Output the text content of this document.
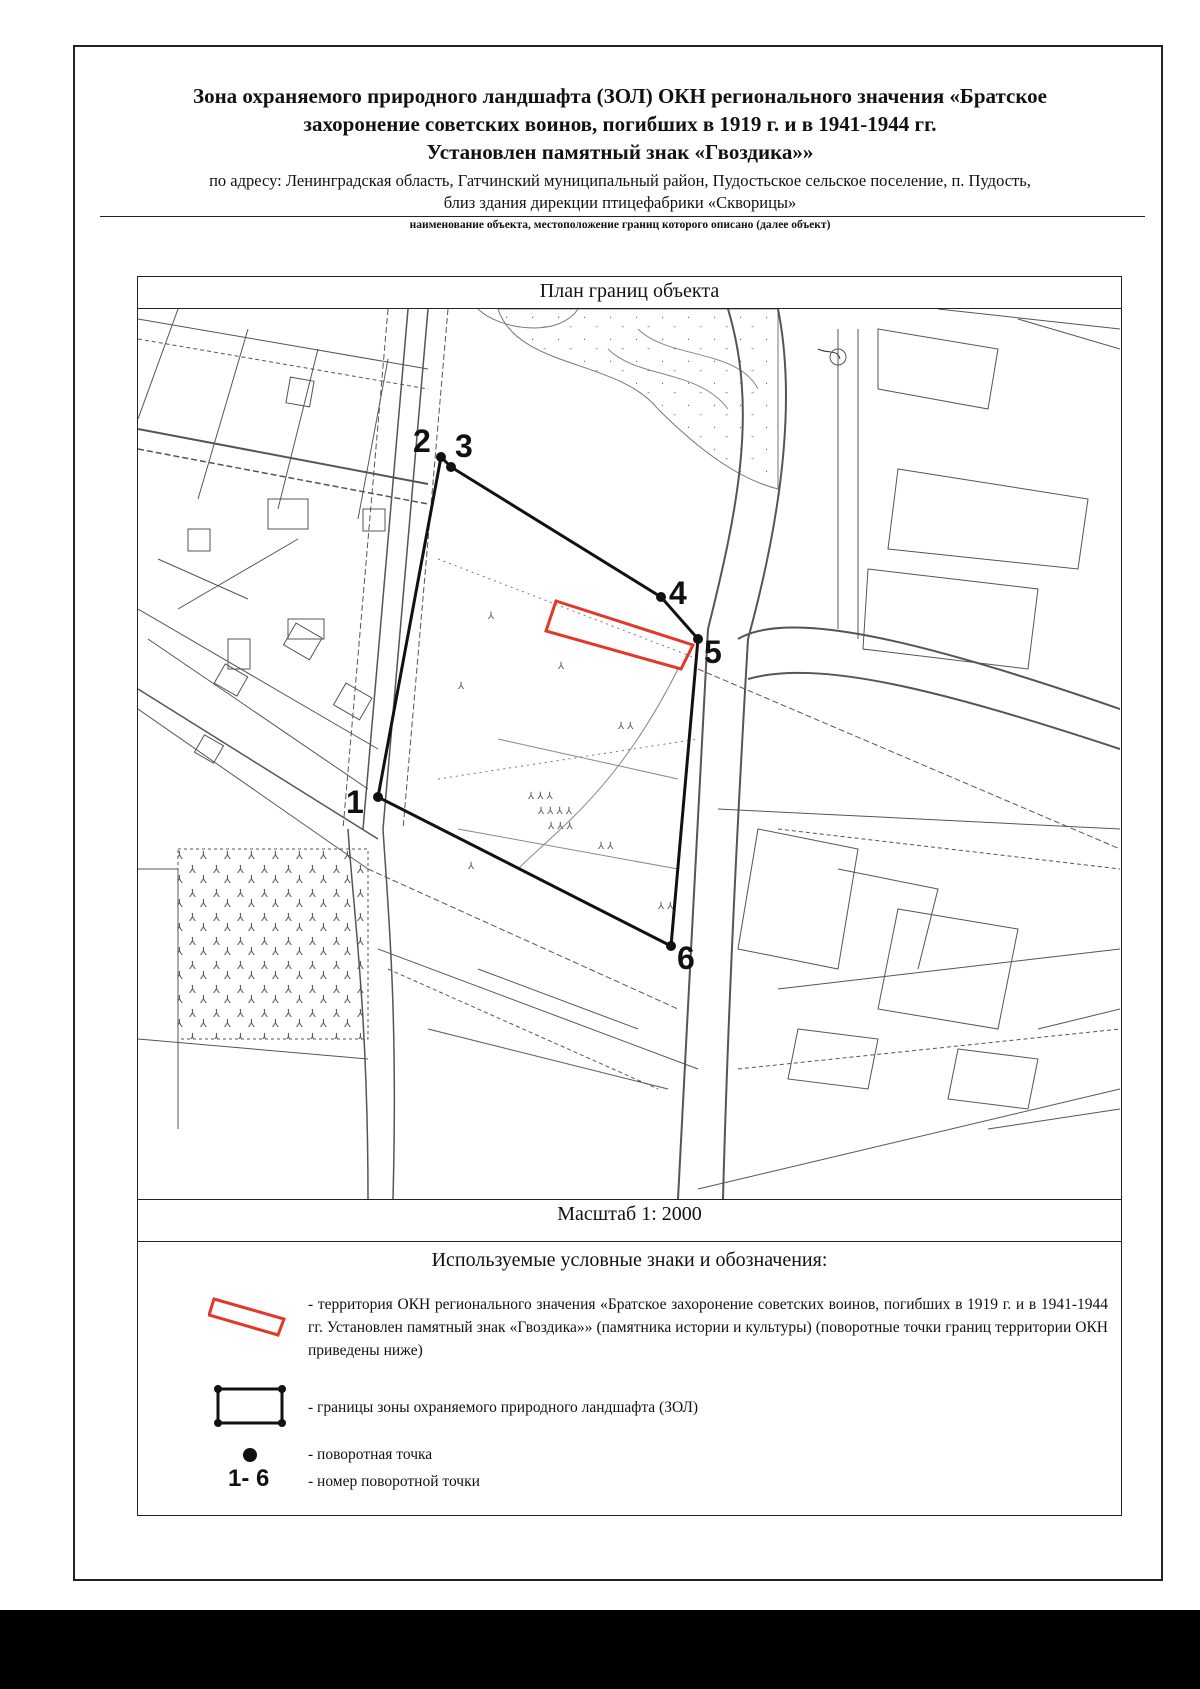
Зона охраняемого природного ландшафта (ЗОЛ) ОКН регионального значения «Братское
захоронение советских воинов, погибших в 1919 г. и в 1941-1944 гг.
Установлен памятный знак «Гвоздика»»
по адресу: Ленинградская область, Гатчинский муниципальный район, Пудостьское сельское поселение, п. Пудость,
близ здания дирекции птицефабрики «Скворицы»
наименование объекта, местоположение границ которого описано (далее объект)
План границ объекта
⅄ ⅄ ⅄
⅄ ⅄ ⅄ ⅄
⅄ ⅄ ⅄
⅄ ⅄
⅄
⅄
⅄ ⅄
⅄
⅄
⅄ ⅄
1
2 3
4
5
6
Масштаб 1: 2000
Используемые условные знаки и обозначения:
- территория ОКН регионального значения «Братское захоронение советских воинов, погибших в 1919 г. и в 1941-1944 гг. Установлен памятный знак «Гвоздика»» (памятника истории и культуры) (поворотные точки границ территории ОКН приведены ниже)
- границы зоны охраняемого природного ландшафта (ЗОЛ)
- поворотная точка
1- 6 - номер поворотной точки
